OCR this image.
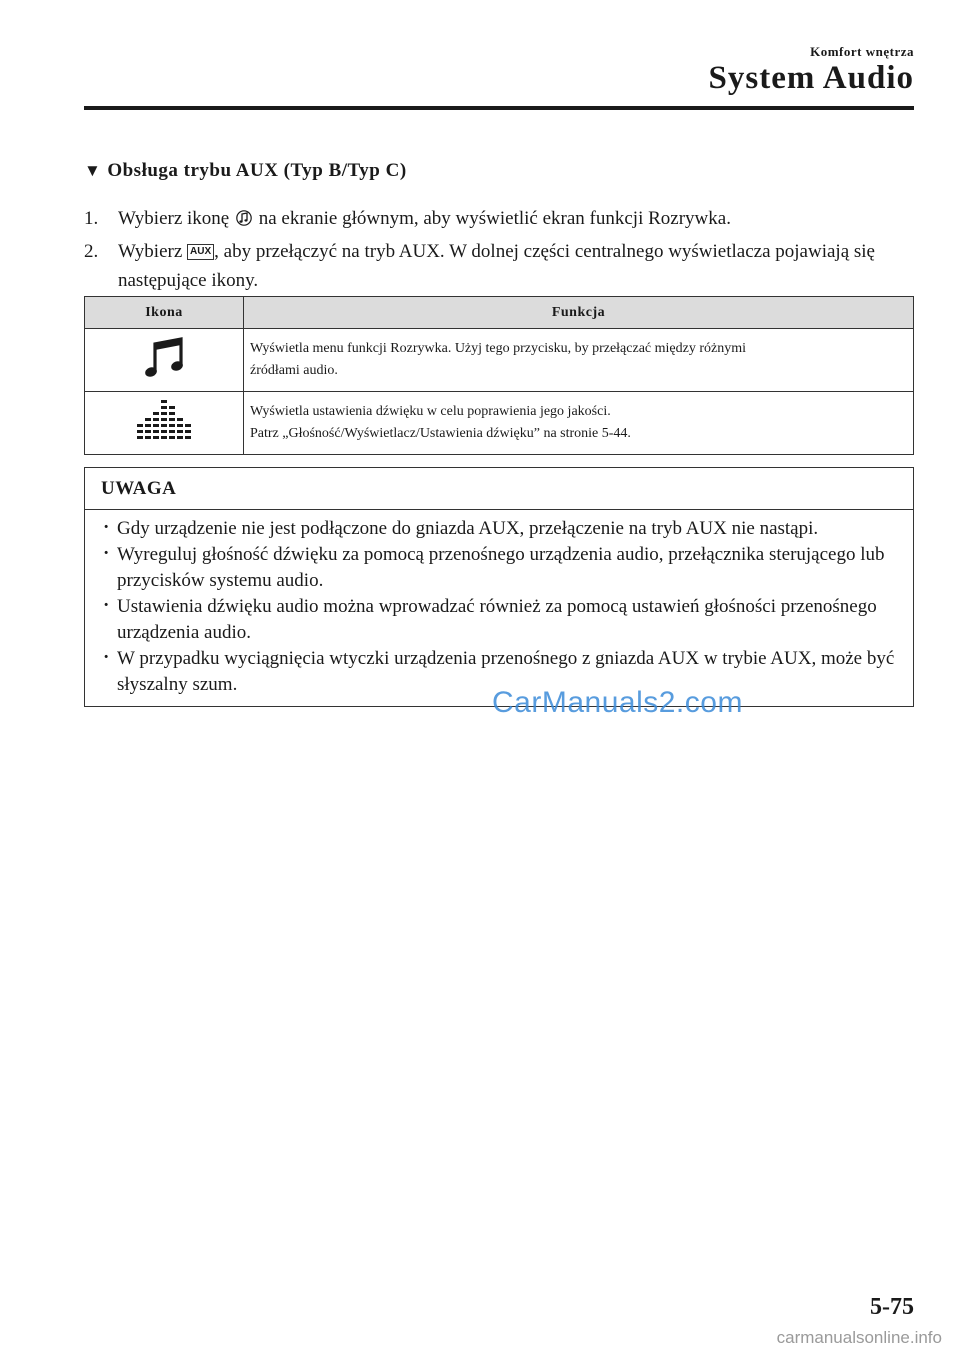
Komfort wnętrza
System Audio
▼ Obsługa trybu AUX (Typ B/Typ C)
1. Wybierz ikonę  na ekranie głównym, aby wyświetlić ekran funkcji Rozrywka.
2. Wybierz AUX , aby przełączyć na tryb AUX. W dolnej części centralnego wyświetlacza pojawiają się następujące ikony.
Ikona	Funkcja

Wyświetla menu funkcji Rozrywka. Użyj tego przycisku, by przełączać między różnymi
źródłami audio.

Wyświetla ustawienia dźwięku w celu poprawienia jego jakości.
Patrz „Głośność/Wyświetlacz/Ustawienia dźwięku” na stronie 5-44.
UWAGA
· Gdy urządzenie nie jest podłączone do gniazda AUX, przełączenie na tryb AUX nie nastąpi.
· Wyreguluj głośność dźwięku za pomocą przenośnego urządzenia audio, przełącznika sterującego lub przycisków systemu audio.
· Ustawienia dźwięku audio można wprowadzać również za pomocą ustawień głośności przenośnego urządzenia audio.
· W przypadku wyciągnięcia wtyczki urządzenia przenośnego z gniazda AUX w trybie AUX, może być słyszalny szum.
CarManuals2.com
5-75
carmanualsonline.info
